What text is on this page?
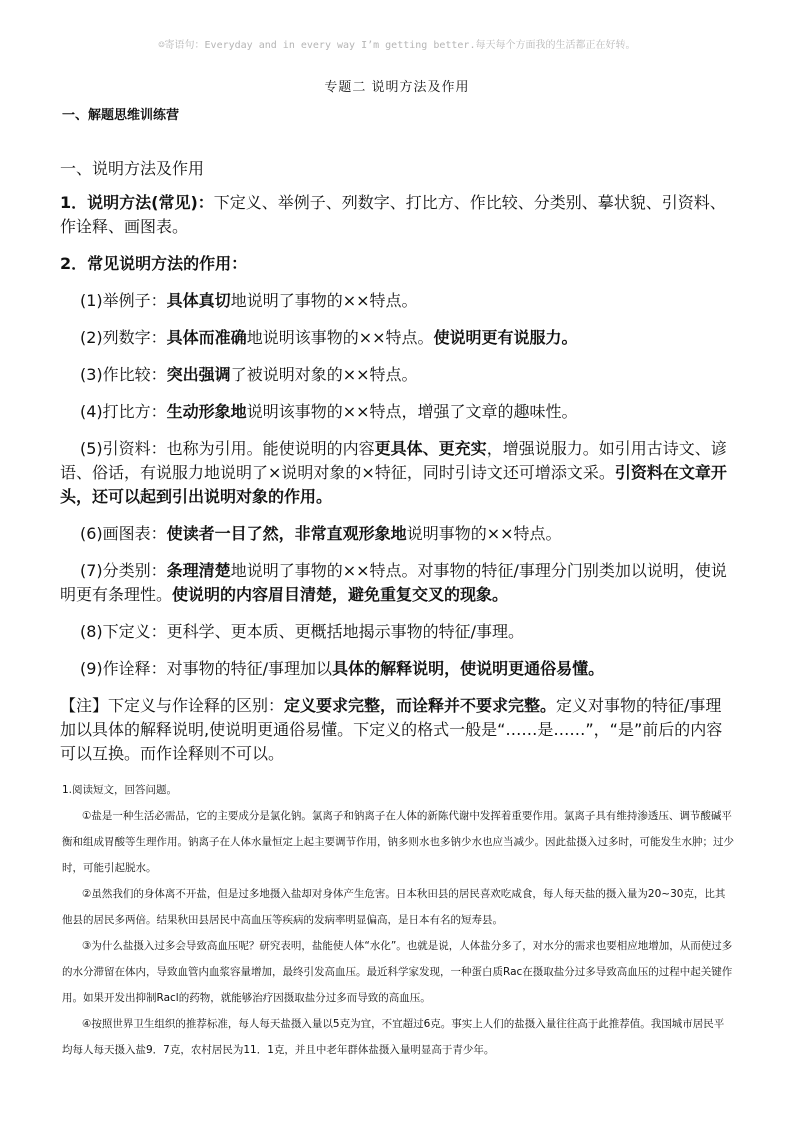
☺寄语句：Everyday and in every way I’m getting better.每天每个方面我的生活都正在好转。
专题二 说明方法及作用
一、解题思维训练营
一、说明方法及作用

1．说明方法(常见)：下定义、举例子、列数字、打比方、作比较、分类别、摹状貌、引资料、作诠释、画图表。

2．常见说明方法的作用：

(1)举例子：具体真切地说明了事物的××特点。

(2)列数字：具体而准确地说明该事物的××特点。使说明更有说服力。

(3)作比较：突出强调了被说明对象的××特点。

(4)打比方：生动形象地说明该事物的××特点，增强了文章的趣味性。

(5)引资料：也称为引用。能使说明的内容更具体、更充实，增强说服力。如引用古诗文、谚语、俗话，有说服力地说明了×说明对象的×特征，同时引诗文还可增添文采。引资料在文章开头，还可以起到引出说明对象的作用。

(6)画图表：使读者一目了然，非常直观形象地说明事物的××特点。

(7)分类别：条理清楚地说明了事物的××特点。对事物的特征/事理分门别类加以说明，使说明更有条理性。使说明的内容眉目清楚，避免重复交叉的现象。

(8)下定义：更科学、更本质、更概括地揭示事物的特征/事理。

(9)作诠释：对事物的特征/事理加以具体的解释说明，使说明更通俗易懂。

【注】下定义与作诠释的区别：定义要求完整，而诠释并不要求完整。定义对事物的特征/事理加以具体的解释说明,使说明更通俗易懂。下定义的格式一般是“……是……”，“是”前后的内容可以互换。而作诠释则不可以。

1.阅读短文，回答问题。
①盐是一种生活必需品，它的主要成分是氯化钠。氯离子和钠离子在人体的新陈代谢中发挥着重要作用。氯离子具有维持渗透压、调节酸碱平衡和组成胃酸等生理作用。钠离子在人体水量恒定上起主要调节作用，钠多则水也多钠少水也应当减少。因此盐摄入过多时，可能发生水肿；过少时，可能引起脱水。
②虽然我们的身体离不开盐，但是过多地摄入盐却对身体产生危害。日本秋田县的居民喜欢吃咸食，每人每天盐的摄入量为20~30克，比其他县的居民多两倍。结果秋田县居民中高血压等疾病的发病率明显偏高，是日本有名的短寿县。
③为什么盐摄入过多会导致高血压呢？研究表明，盐能使人体“水化”。也就是说，人体盐分多了，对水分的需求也要相应地增加，从而使过多的水分滞留在体内，导致血管内血浆容量增加，最终引发高血压。最近科学家发现，一种蛋白质Rac在摄取盐分过多导致高血压的过程中起关键作用。如果开发出抑制Racl的药物，就能够治疗因摄取盐分过多而导致的高血压。
④按照世界卫生组织的推荐标准，每人每天盐摄入量以5克为宜，不宜超过6克。事实上人们的盐摄入量往往高于此推荐值。我国城市居民平均每人每天摄入盐9．7克，农村居民为11．1克，并且中老年群体盐摄入量明显高于青少年。
